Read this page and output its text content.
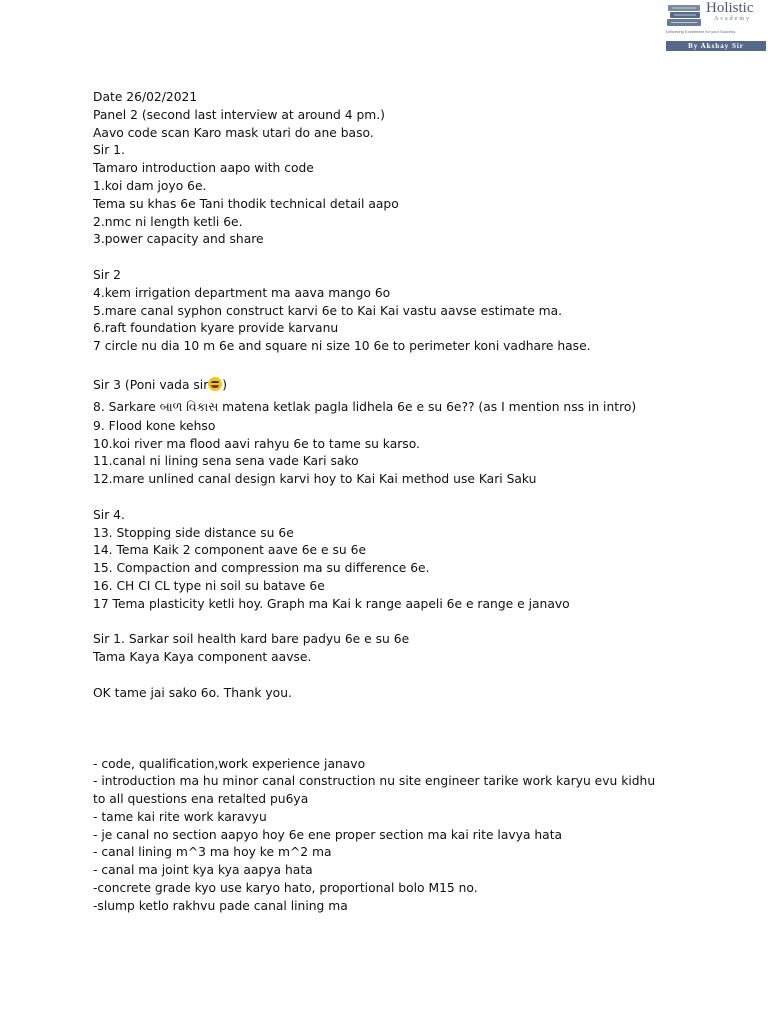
Holistic
Academy
Delivering Excellence for your Success
By Akshay Sir
Date 26/02/2021
Panel 2 (second last interview at around 4 pm.)
Aavo code scan Karo mask utari do ane baso.
Sir 1.
Tamaro introduction aapo with code
1.koi dam joyo 6e.
Tema su khas 6e Tani thodik technical detail aapo
2.nmc ni length ketli 6e.
3.power capacity and share
Sir 2
4.kem irrigation department ma aava mango 6o
5.mare canal syphon construct karvi 6e to Kai Kai vastu aavse estimate ma.
6.raft foundation kyare provide karvanu
7 circle nu dia 10 m 6e and square ni size 10 6e to perimeter koni vadhare hase.
Sir 3 (Poni vada sir )
8. Sarkare બાળ વિકાસ matena ketlak pagla lidhela 6e e su 6e?? (as I mention nss in intro)
9. Flood kone kehso
10.koi river ma flood aavi rahyu 6e to tame su karso.
11.canal ni lining sena sena vade Kari sako
12.mare unlined canal design karvi hoy to Kai Kai method use Kari Saku
Sir 4.
13. Stopping side distance su 6e
14. Tema Kaik 2 component aave 6e e su 6e
15. Compaction and compression ma su difference 6e.
16. CH CI CL type ni soil su batave 6e
17 Tema plasticity ketli hoy. Graph ma Kai k range aapeli 6e e range e janavo
Sir 1. Sarkar soil health kard bare padyu 6e e su 6e
Tama Kaya Kaya component aavse.
OK tame jai sako 6o. Thank you.
- code, qualification,work experience janavo
- introduction ma hu minor canal construction nu site engineer tarike work karyu evu kidhu
to all questions ena retalted pu6ya
- tame kai rite work karavyu
- je canal no section aapyo hoy 6e ene proper section ma kai rite lavya hata
- canal lining m^3 ma hoy ke m^2 ma
- canal ma joint kya kya aapya hata
-concrete grade kyo use karyo hato, proportional bolo M15 no.
-slump ketlo rakhvu pade canal lining ma
